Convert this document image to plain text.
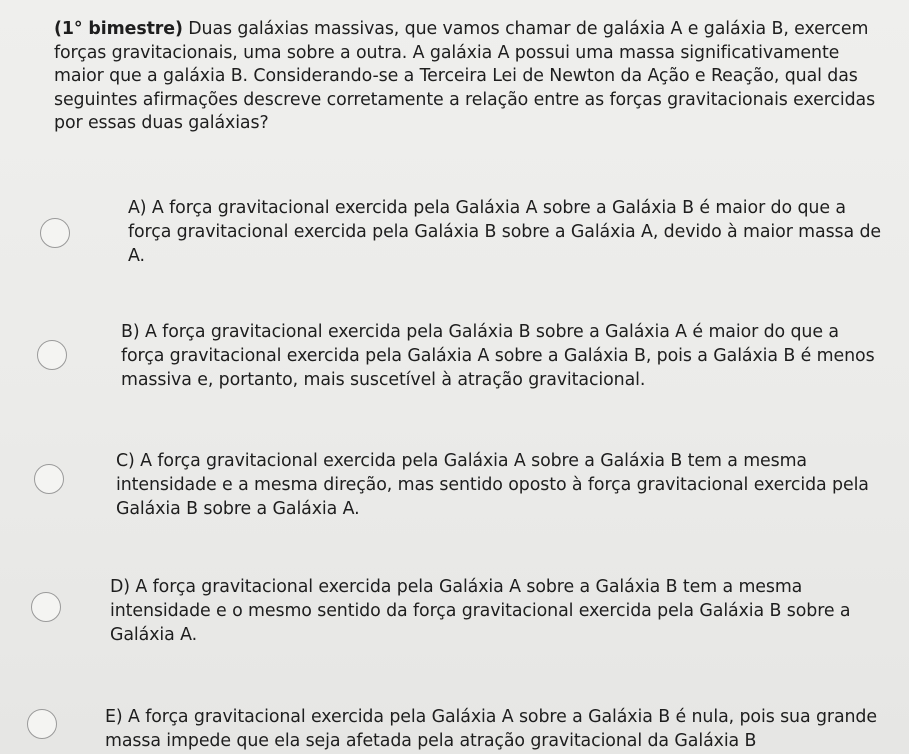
(1° bimestre) Duas galáxias massivas, que vamos chamar de galáxia A e galáxia B, exercem forças gravitacionais, uma sobre a outra. A galáxia A possui uma massa significativamente maior que a galáxia B. Considerando-se a Terceira Lei de Newton da Ação e Reação, qual das seguintes afirmações descreve corretamente a relação entre as forças gravitacionais exercidas por essas duas galáxias?
A) A força gravitacional exercida pela Galáxia A sobre a Galáxia B é maior do que a força gravitacional exercida pela Galáxia B sobre a Galáxia A, devido à maior massa de A.
B) A força gravitacional exercida pela Galáxia B sobre a Galáxia A é maior do que a força gravitacional exercida pela Galáxia A sobre a Galáxia B, pois a Galáxia B é menos massiva e, portanto, mais suscetível à atração gravitacional.
C) A força gravitacional exercida pela Galáxia A sobre a Galáxia B tem a mesma intensidade e a mesma direção, mas sentido oposto à força gravitacional exercida pela Galáxia B sobre a Galáxia A.
D) A força gravitacional exercida pela Galáxia A sobre a Galáxia B tem a mesma intensidade e o mesmo sentido da força gravitacional exercida pela Galáxia B sobre a Galáxia A.
E) A força gravitacional exercida pela Galáxia A sobre a Galáxia B é nula, pois sua grande massa impede que ela seja afetada pela atração gravitacional da Galáxia B
